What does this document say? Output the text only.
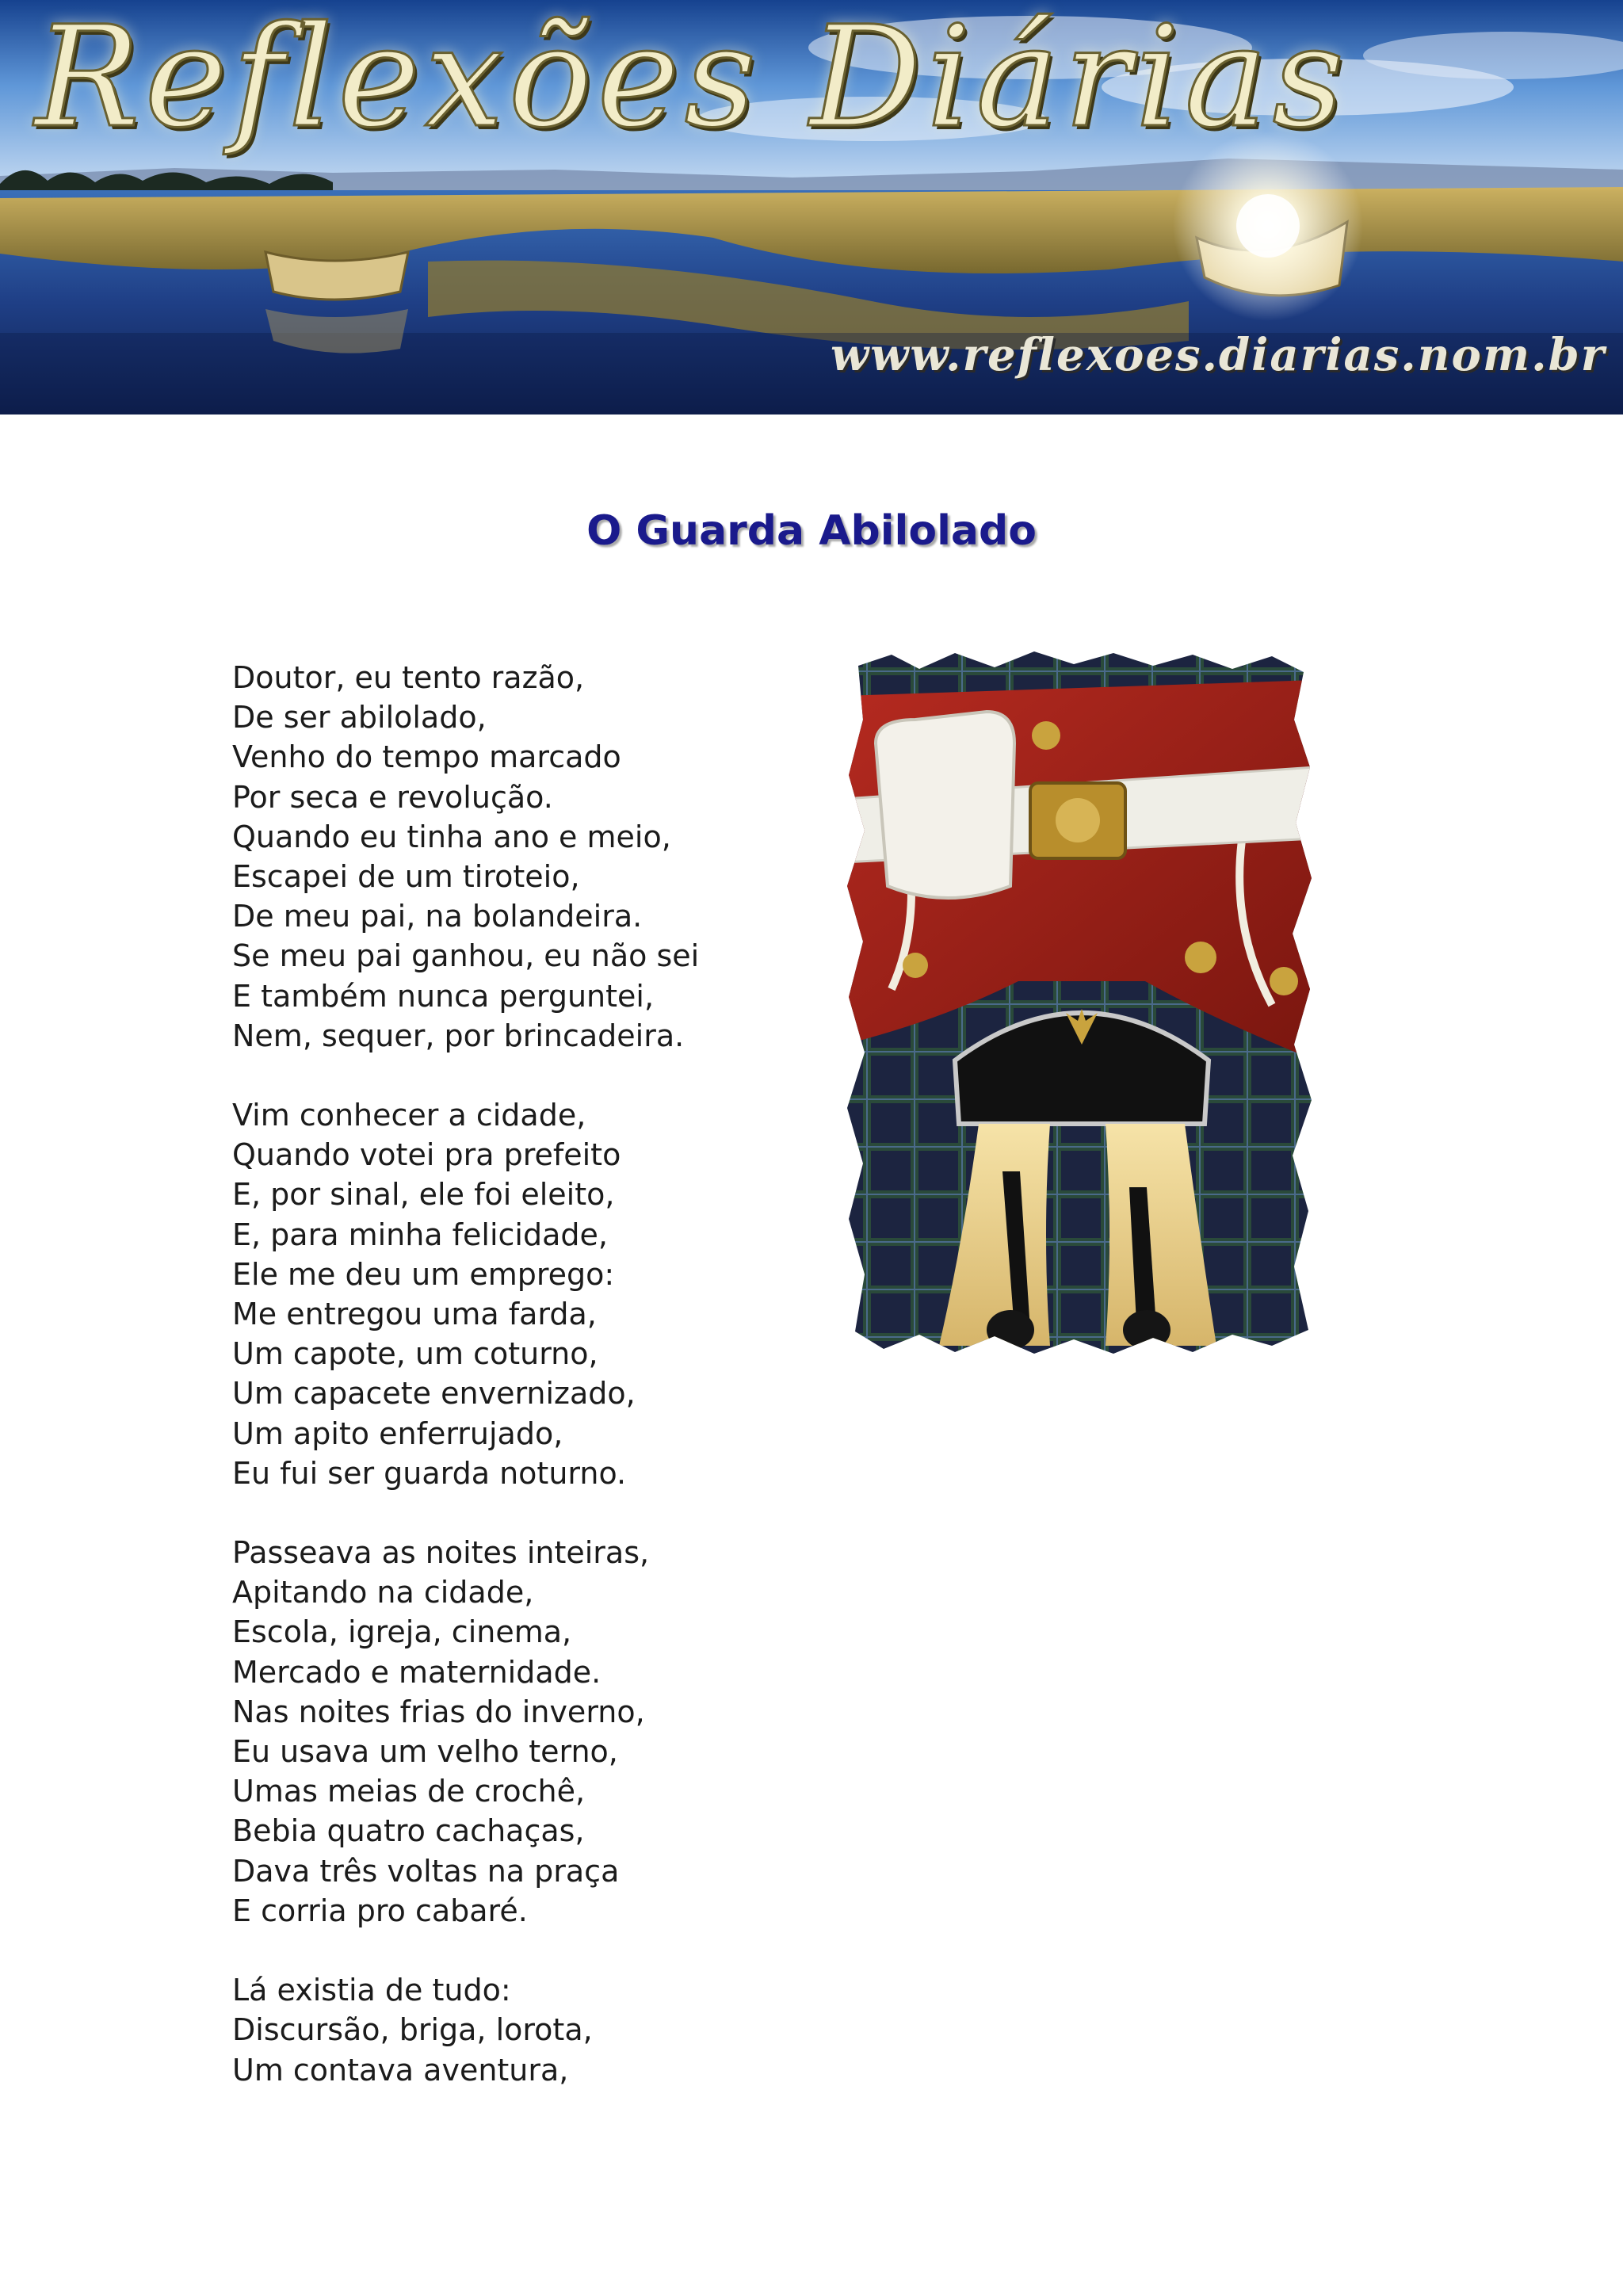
Reflexões Diárias
www.reflexoes.diarias.nom.br
O Guarda Abilolado
Doutor, eu tento razão,
De ser abilolado,
Venho do tempo marcado
Por seca e revolução.
Quando eu tinha ano e meio,
Escapei de um tiroteio,
De meu pai, na bolandeira.
Se meu pai ganhou, eu não sei
E também nunca perguntei,
Nem, sequer, por brincadeira.
Vim conhecer a cidade,
Quando votei pra prefeito
E, por sinal, ele foi eleito,
E, para minha felicidade,
Ele me deu um emprego:
Me entregou uma farda,
Um capote, um coturno,
Um capacete envernizado,
Um apito enferrujado,
Eu fui ser guarda noturno.
Passeava as noites inteiras,
Apitando na cidade,
Escola, igreja, cinema,
Mercado e maternidade.
Nas noites frias do inverno,
Eu usava um velho terno,
Umas meias de crochê,
Bebia quatro cachaças,
Dava três voltas na praça
E corria pro cabaré.
Lá existia de tudo:
Discursão, briga, lorota,
Um contava aventura,
